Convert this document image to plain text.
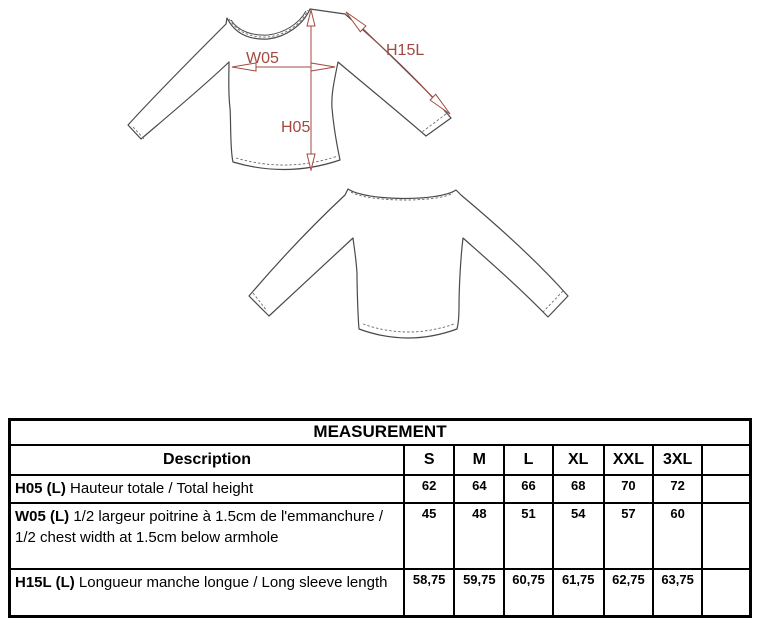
W05
H05
H15L
MEASUREMENT							
Description	S	M	L	XL	XXL	3XL	
H05 (L) Hauteur totale / Total height	62	64	66	68	70	72	
W05 (L) 1/2 largeur poitrine à 1.5cm de l'emmanchure / 1/2 chest width at 1.5cm below armhole	45	48	51	54	57	60	
H15L (L) Longueur manche longue / Long sleeve length	58,75	59,75	60,75	61,75	62,75	63,75	
